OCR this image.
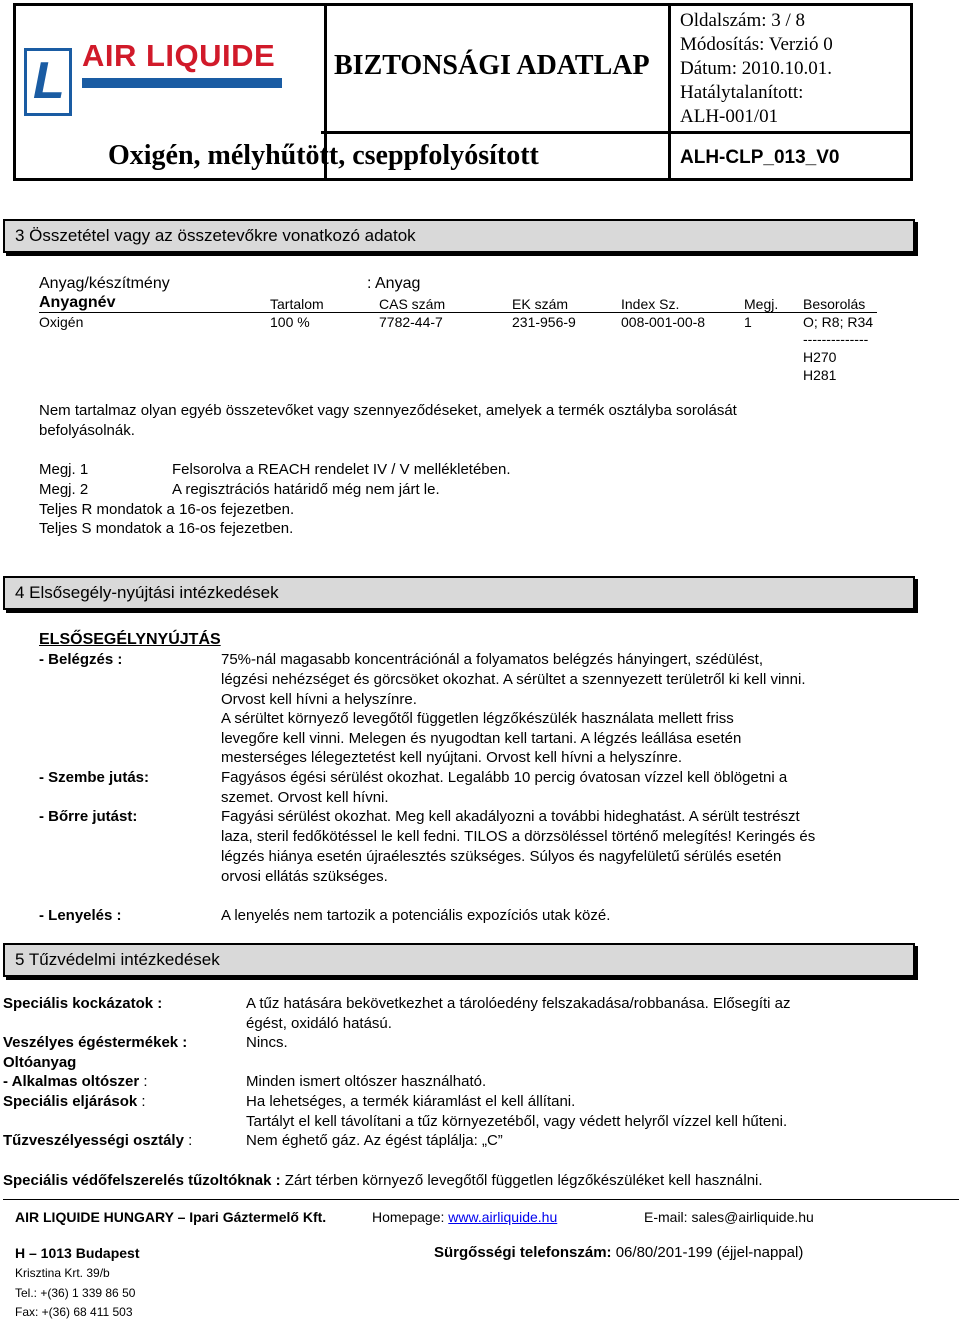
L AIR LIQUIDE BIZTONSÁGI ADATLAP
Oxigén, mélyhűtött, cseppfolyósított
Oldalszám: 3 / 8
Módosítás: Verzió 0
Dátum: 2010.10.01.
Hatálytalanított:
ALH-001/01
ALH-CLP_013_V0
3 Összetétel vagy az összetevőkre vonatkozó adatok
Anyag/készítmény	: Anyag
Anyagnév	Tartalom	CAS szám	EK szám	Index Sz.	Megj. Besorolás
Oxigén	100 %	7782-44-7	231-956-9	008-001-00-8	1	O; R8; R34
--------------
H270
H281
Nem tartalmaz olyan egyéb összetevőket vagy szennyeződéseket, amelyek a termék osztályba sorolását
befolyásolnák.
Megj. 1	Felsorolva a REACH rendelet IV / V mellékletében.
Megj. 2	A regisztrációs határidő még nem járt le.
Teljes R mondatok a 16-os fejezetben.
Teljes S mondatok a 16-os fejezetben.
4 Elsősegély-nyújtási intézkedések
ELSŐSEGÉLYNYÚJTÁS
- Belégzés :	75%-nál magasabb koncentrációnál a folyamatos belégzés hányingert, szédülést,
légzési nehézséget és görcsöket okozhat. A sérültet a szennyezett területről ki kell vinni.
Orvost kell hívni a helyszínre.
A sérültet környező levegőtől független légzőkészülék használata mellett friss
levegőre kell vinni. Melegen és nyugodtan kell tartani. A légzés leállása esetén
mesterséges lélegeztetést kell nyújtani. Orvost kell hívni a helyszínre.
- Szembe jutás:	Fagyásos égési sérülést okozhat. Legalább 10 percig óvatosan vízzel kell öblögetni a
szemet. Orvost kell hívni.
- Bőrre jutást:	Fagyási sérülést okozhat. Meg kell akadályozni a további hideghatást. A sérült testrészt
laza, steril fedőkötéssel le kell fedni. TILOS a dörzsöléssel történő melegítés! Keringés és
légzés hiánya esetén újraélesztés szükséges. Súlyos és nagyfelületű sérülés esetén
orvosi ellátás szükséges.
- Lenyelés :	A lenyelés nem tartozik a potenciális expozíciós utak közé.
5 Tűzvédelmi intézkedések
Speciális kockázatok :	A tűz hatására bekövetkezhet a tárolóedény felszakadása/robbanása. Elősegíti az
égést, oxidáló hatású.
Veszélyes égéstermékek :	Nincs.
Oltóanyag
- Alkalmas oltószer :	Minden ismert oltószer használható.
Speciális eljárások :	Ha lehetséges, a termék kiáramlást el kell állítani.
Tartályt el kell távolítani a tűz környezetéből, vagy védett helyről vízzel kell hűteni.
Tűzveszélyességi osztály :	Nem éghető gáz. Az égést táplálja: „C”
Speciális védőfelszerelés tűzoltóknak : Zárt térben környező levegőtől független légzőkészüléket kell használni.
AIR LIQUIDE HUNGARY – Ipari Gáztermelő Kft.	Homepage: www.airliquide.hu	E-mail: sales@airliquide.hu
H – 1013 Budapest	Sürgősségi telefonszám: 06/80/201-199 (éjjel-nappal)
Krisztina Krt. 39/b
Tel.: +(36) 1 339 86 50
Fax: +(36) 68 411 503
